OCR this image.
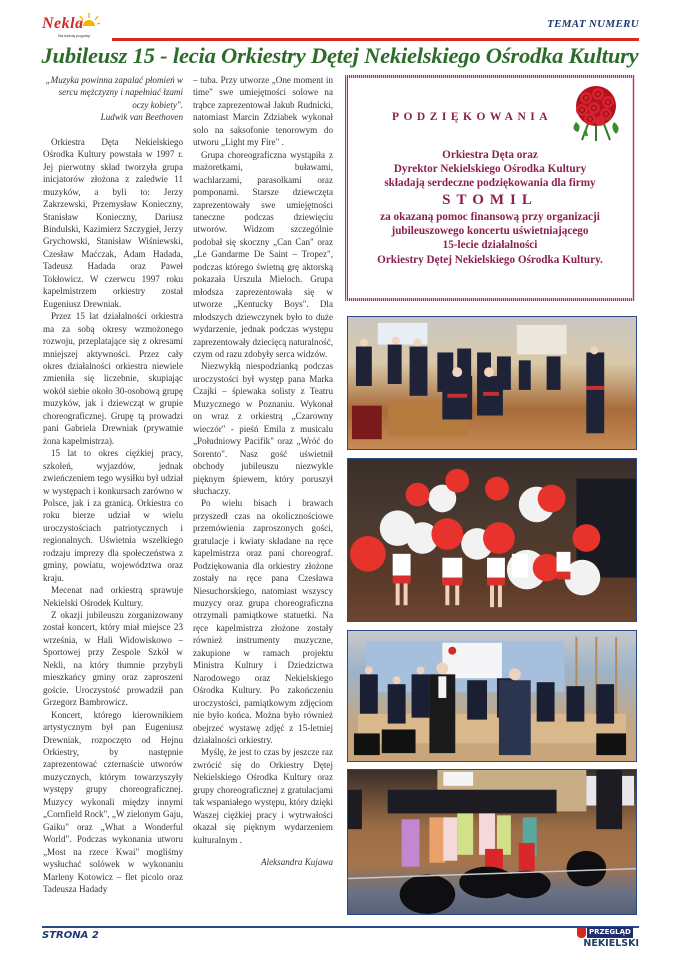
Nekla
Na każdą pogodę!
TEMAT NUMERU
Jubileusz 15 - lecia Orkiestry Dętej Nekielskiego Ośrodka Kultury

„Muzyka powinna zapalać płomień w sercu mężczyzny i napełniać łzami oczy kobiety".

Ludwik van Beethoven

Orkiestra Dęta Nekielskiego Ośrodka Kultury powstała w 1997 r. Jej pierwotny skład tworzyła grupa inicjatorów złożona z zaledwie 11 muzyków, a byli to: Jerzy Zakrzewski, Przemysław Konieczny, Stanisław Konieczny, Dariusz Bindulski, Kazimierz Szczygieł, Jerzy Grychowski, Stanisław Wiśniewski, Czesław Maćczak, Adam Hadada, Tadeusz Hadada oraz Paweł Tokłowicz. W czerwcu 1997 roku kapelmistrzem orkiestry został Eugeniusz Drewniak.

Przez 15 lat działalności orkiestra ma za sobą okresy wzmożonego rozwoju, przeplatające się z okresami mniejszej aktywności. Przez cały okres działalności orkiestra niewiele zmieniła się liczebnie, skupiając wokół siebie około 30-osobową grupę muzyków, jak i dziewcząt w grupie choreograficznej. Grupę tą prowadzi pani Gabriela Drewniak (prywatnie żona kapelmistrza).

15 lat to okres ciężkiej pracy, szkoleń, wyjazdów, jednak zwieńczeniem tego wysiłku był udział w występach i konkursach zarówno w Polsce, jak i za granicą. Orkiestra co roku bierze udział w wielu uroczystościach patriotycznych i regionalnych. Uświetnia wszelkiego rodzaju imprezy dla społeczeństwa z gminy, powiatu, województwa oraz kraju.

Mecenat nad orkiestrą sprawuje Nekielski Ośrodek Kultury.

Z okazji jubileuszu zorganizowany został koncert, który miał miejsce 23 września, w Hali Widowiskowo – Sportowej przy Zespole Szkół w Nekli, na który tłumnie przybyli mieszkańcy gminy oraz zaproszeni goście. Uroczystość prowadził pan Grzegorz Bambrowicz.

Koncert, którego kierownikiem artystycznym był pan Eugeniusz Drewniak, rozpoczęto od Hejnu Orkiestry, by następnie zaprezentować czternaście utworów muzycznych, którym towarzyszyły występy grupy choreograficznej. Muzycy wykonali między innymi „Cornfield Rock", „W zielonym Gaju, Gaiku" oraz „What a Wonderful World". Podczas wykonania utworu „Most na rzece Kwai" mogliśmy wysłuchać solówek w wykonaniu Marleny Kotowicz – flet picolo oraz Tadeusza Hadady

– tuba. Przy utworze „One moment in time" swe umiejętności solowe na trąbce zaprezentował Jakub Rudnicki, natomiast Marcin Zdziabek wykonał solo na saksofonie tenorowym do utworu „Light my Fire" .

Grupa choreograficzna wystąpiła z mażoretkami, buławami, wachlarzami, parasolkami oraz pomponami. Starsze dziewczęta zaprezentowały swe umiejętności taneczne podczas dziewięciu utworów. Widzom szczególnie podobał się skoczny „Can Can" oraz „Le Gandarme De Saint – Tropez", podczas którego świetną grę aktorską pokazała Urszula Mieloch. Grupa młodsza zaprezentowała się w utworze „Kentucky Boys". Dla młodszych dziewczynek było to duże wydarzenie, jednak podczas występu zaprezentowały dziecięcą naturalność, czym od razu zdobyły serca widzów.

Niezwykłą niespodzianką podczas uroczystości był występ pana Marka Czajki – śpiewaka solisty z Teatru Muzycznego w Poznaniu. Wykonał on wraz z orkiestrą „Czarowny wieczór" - pieśń Emila z musicalu „Południowy Pacifik" oraz „Wróć do Sorento". Nasz gość uświetnił obchody jubileuszu niezwykle pięknym śpiewem, który poruszył słuchaczy.

Po wielu bisach i brawach przyszedł czas na okolicznościowe przemówienia zaproszonych gości, gratulacje i kwiaty składane na ręce kapelmistrza oraz pani choreograf. Podziękowania dla orkiestry złożone zostały na ręce pana Czesława Niesuchorskiego, natomiast wszyscy muzycy oraz grupa choreograficzna otrzymali pamiątkowe statuetki. Na ręce kapelmistrza złożone zostały również instrumenty muzyczne, zakupione w ramach projektu Ministra Kultury i Dziedzictwa Narodowego oraz Nekielskiego Ośrodka Kultury. Po zakończeniu uroczystości, pamiątkowym zdjęciom nie było końca. Można było również obejrzeć wystawę zdjęć z 15-letniej działalności orkiestry.

Myślę, że jest to czas by jeszcze raz zwrócić się do Orkiestry Dętej Nekielskiego Ośrodka Kultury oraz grupy choreograficznej z gratulacjami tak wspaniałego występu, który dzięki Waszej ciężkiej pracy i wytrwałości okazał się pięknym wydarzeniem kulturalnym .

Aleksandra Kujawa

PODZIĘKOWANIA
Orkiestra Dęta oraz
Dyrektor Nekielskiego Ośrodka Kultury
składają serdeczne podziękowania dla firmy
STOMIL
za okazaną pomoc finansową przy organizacji
jubileuszowego koncertu uświetniającego
15-lecie działalności
Orkiestry Dętej Nekielskiego Ośrodka Kultury.
STRONA 2	PRZEGLĄD
NEKIELSKI
